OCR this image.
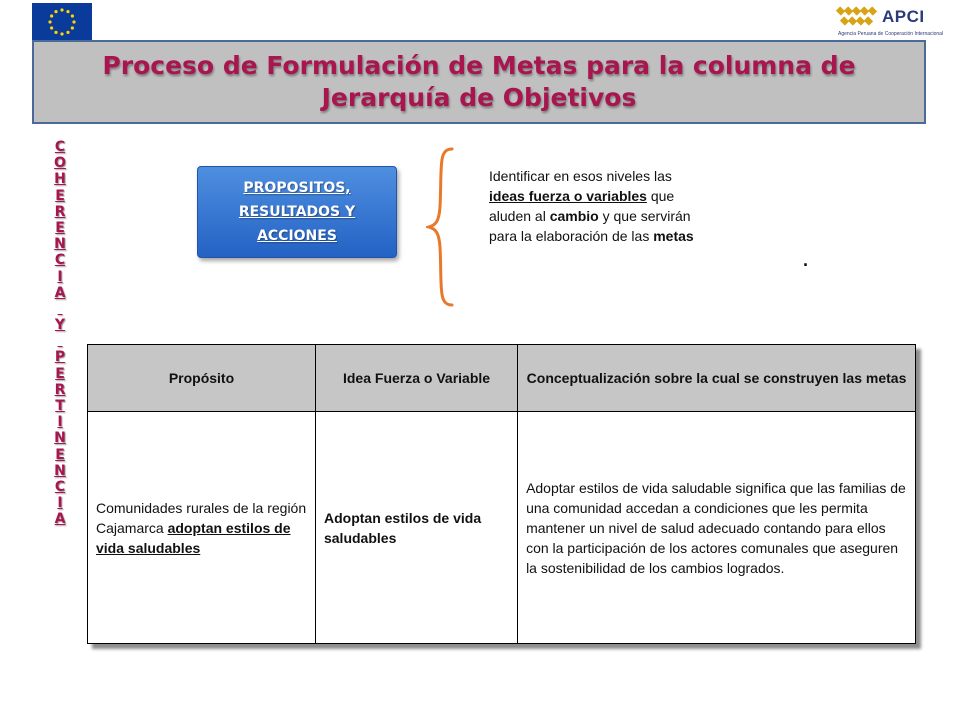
APCI
Agencia Peruana de Cooperación Internacional
Proceso de Formulación de Metas para la columna de Jerarquía de Objetivos
C
O
H
E
R
E
N
C
I
A

Y

P
E
R
T
I
N
E
N
C
I
A
PROPOSITOS,
RESULTADOS Y
ACCIONES
Identificar en esos niveles las ideas fuerza o variables que aluden al cambio y que servirán para la elaboración de las metas
.
Propósito	Idea Fuerza o Variable	Conceptualización sobre la cual se construyen las metas
Comunidades rurales de la región Cajamarca adoptan estilos de vida saludables	Adoptan estilos de vida saludables	Adoptar estilos de vida saludable significa que las familias de una comunidad accedan a condiciones que les permita mantener un nivel de salud adecuado contando para ellos con la participación de los actores comunales que aseguren la sostenibilidad de los cambios logrados.
